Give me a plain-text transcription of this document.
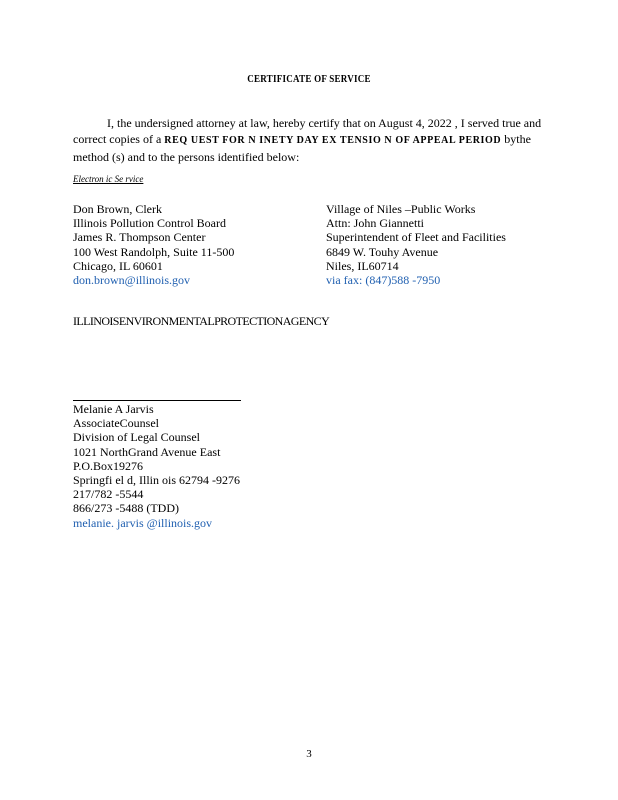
CERTIFICATE OF SERVICE
I, the undersigned attorney at law, hereby certify that on August 4, 2022 , I served true and correct copies of a REQ UEST FOR N INETY DAY EX TENSIO N OF APPEAL PERIOD bythe method (s) and to the persons identified below:
Electron ic Se rvice
Don Brown, Clerk
Illinois Pollution Control Board
James R. Thompson Center
100 West Randolph, Suite 11-500
Chicago, IL 60601
don.brown@illinois.gov
Village of Niles –Public Works
Attn: John Giannetti
Superintendent of Fleet and Facilities
6849 W. Touhy Avenue
Niles, IL60714
via fax: (847)588 -7950
ILLINOISENVIRONMENTALPROTECTIONAGENCY
Melanie A Jarvis
AssociateCounsel
Division of Legal Counsel
1021 NorthGrand Avenue East
P.O.Box19276
Springfi el d, Illin ois 62794 -9276
217/782 -5544
866/273 -5488 (TDD)
melanie. jarvis @illinois.gov
3
